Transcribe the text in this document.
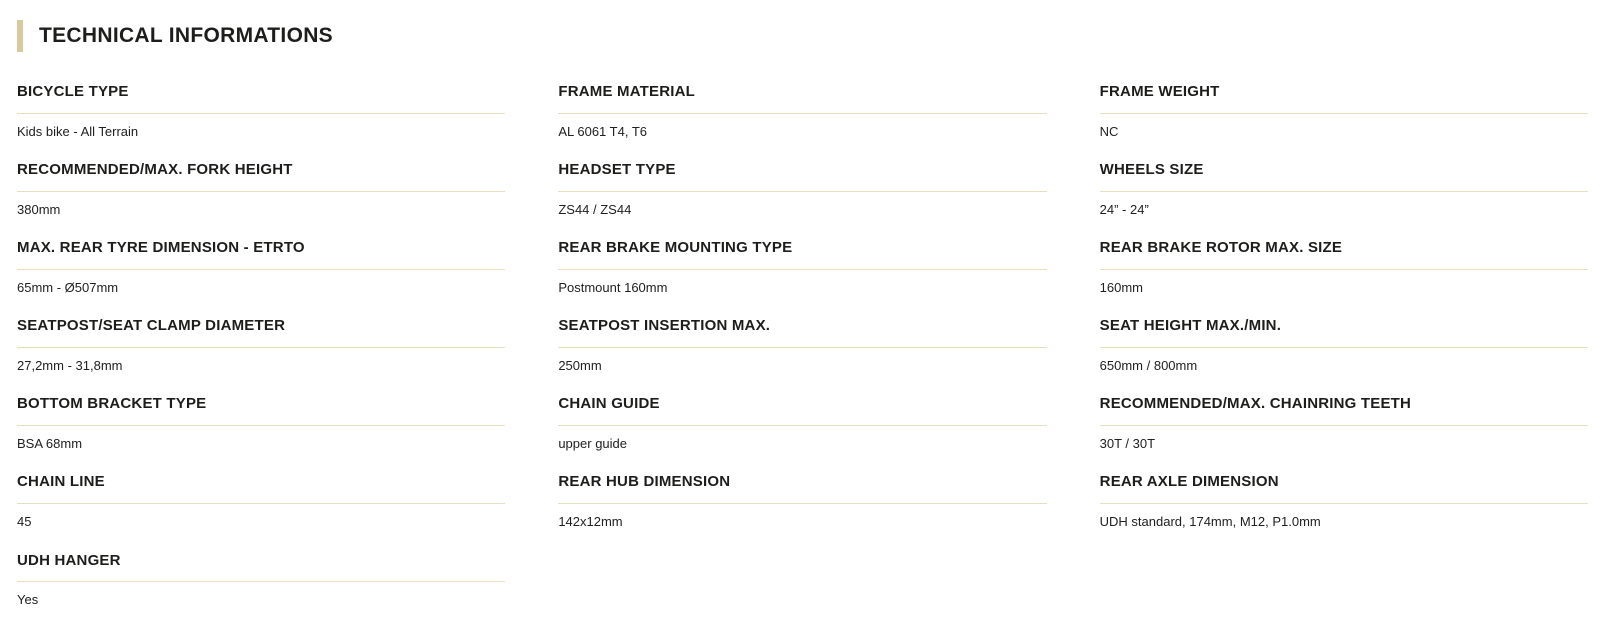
TECHNICAL INFORMATIONS
BICYCLE TYPE
Kids bike - All Terrain
RECOMMENDED/MAX. FORK HEIGHT
380mm
MAX. REAR TYRE DIMENSION - ETRTO
65mm - Ø507mm
SEATPOST/SEAT CLAMP DIAMETER
27,2mm - 31,8mm
BOTTOM BRACKET TYPE
BSA 68mm
CHAIN LINE
45
UDH HANGER
Yes
FRAME MATERIAL
AL 6061 T4, T6
HEADSET TYPE
ZS44 / ZS44
REAR BRAKE MOUNTING TYPE
Postmount 160mm
SEATPOST INSERTION MAX.
250mm
CHAIN GUIDE
upper guide
REAR HUB DIMENSION
142x12mm
FRAME WEIGHT
NC
WHEELS SIZE
24” - 24”
REAR BRAKE ROTOR MAX. SIZE
160mm
SEAT HEIGHT MAX./MIN.
650mm / 800mm
RECOMMENDED/MAX. CHAINRING TEETH
30T / 30T
REAR AXLE DIMENSION
UDH standard, 174mm, M12, P1.0mm
